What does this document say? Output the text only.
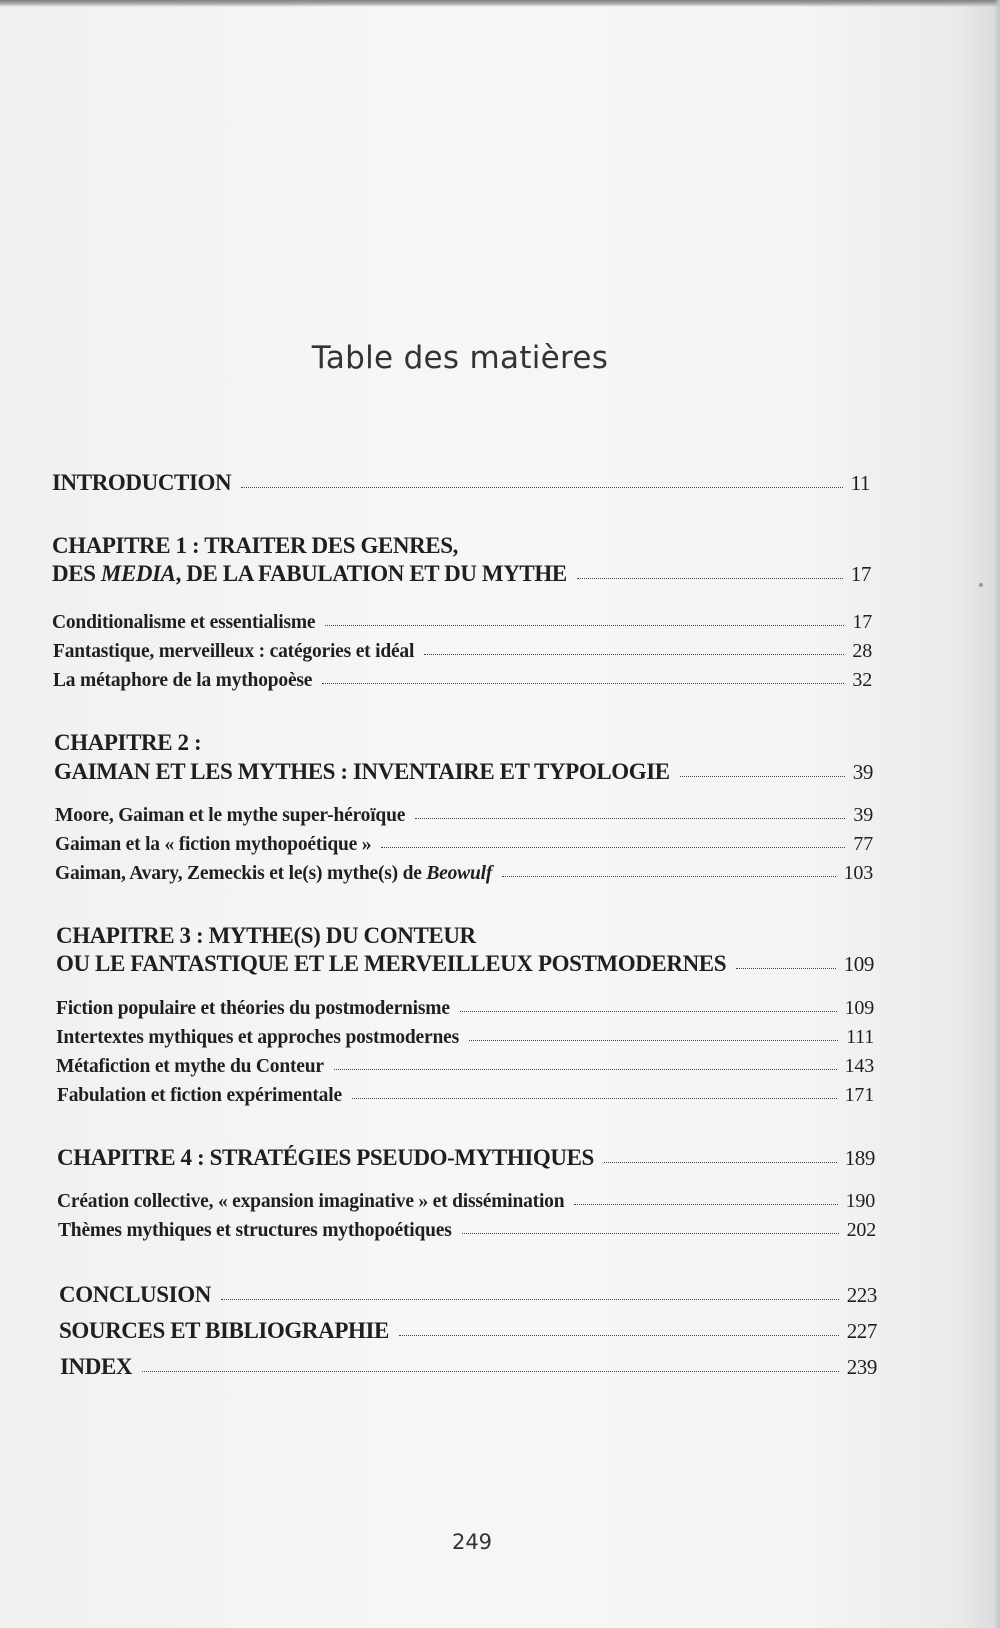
Table des matières
INTRODUCTION	11
CHAPITRE 1 : TRAITER DES GENRES,
DES MEDIA, DE LA FABULATION ET DU MYTHE	17
Conditionalisme et essentialisme	17
Fantastique, merveilleux : catégories et idéal	28
La métaphore de la mythopoèse	32
CHAPITRE 2 :
GAIMAN ET LES MYTHES : INVENTAIRE ET TYPOLOGIE	39
Moore, Gaiman et le mythe super-héroïque	39
Gaiman et la « fiction mythopoétique »	77
Gaiman, Avary, Zemeckis et le(s) mythe(s) de Beowulf	103
CHAPITRE 3 : MYTHE(S) DU CONTEUR
OU LE FANTASTIQUE ET LE MERVEILLEUX POSTMODERNES	109
Fiction populaire et théories du postmodernisme	109
Intertextes mythiques et approches postmodernes	111
Métafiction et mythe du Conteur	143
Fabulation et fiction expérimentale	171
CHAPITRE 4 : STRATÉGIES PSEUDO-MYTHIQUES	189
Création collective, « expansion imaginative » et dissémination	190
Thèmes mythiques et structures mythopoétiques	202
CONCLUSION	223
SOURCES ET BIBLIOGRAPHIE	227
INDEX	239
249
